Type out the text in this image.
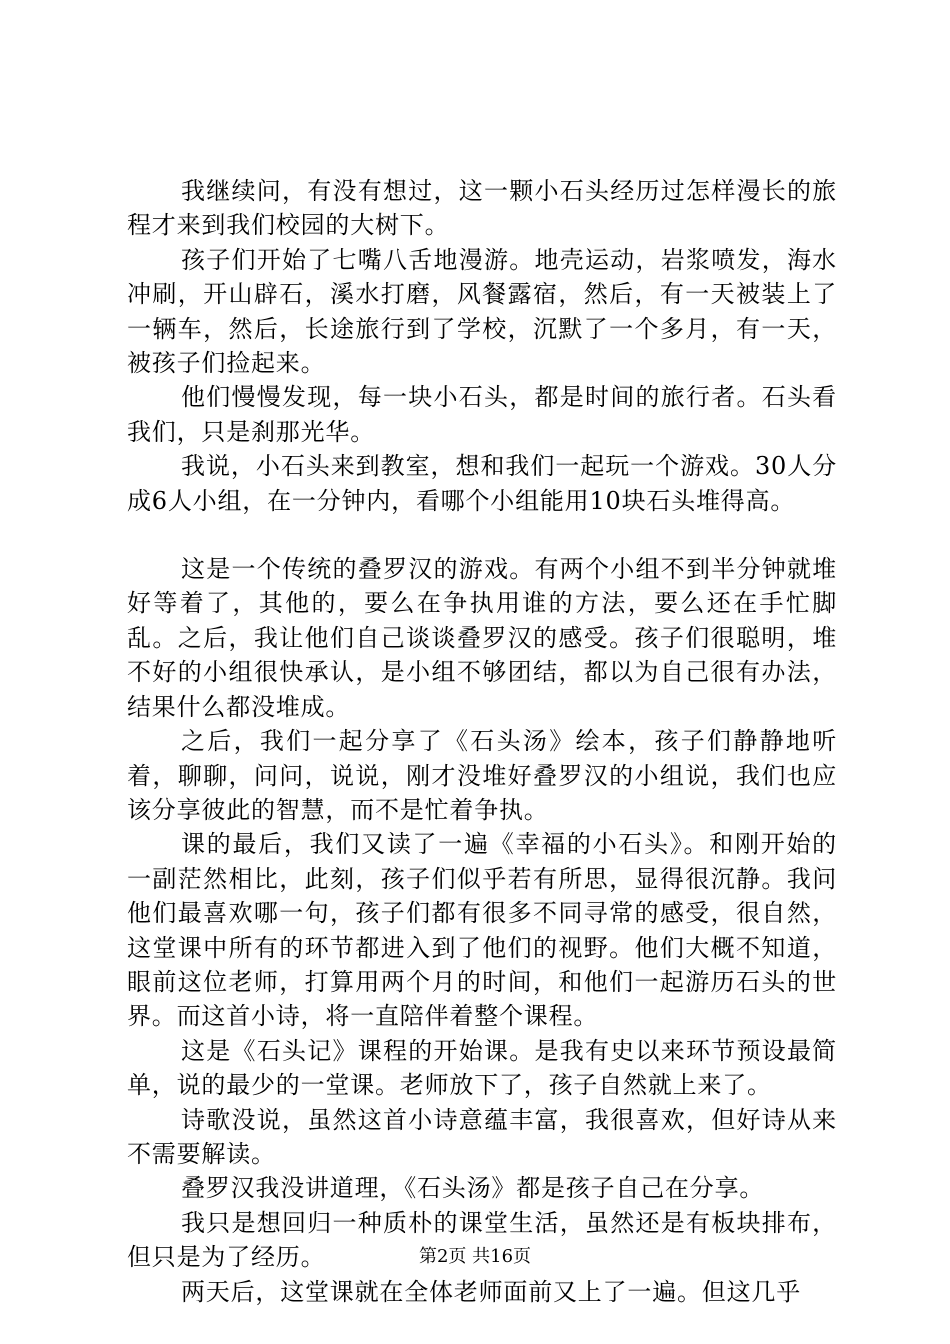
我继续问，有没有想过，这一颗小石头经历过怎样漫长的旅程才来到我们校园的大树下。

孩子们开始了七嘴八舌地漫游。地壳运动，岩浆喷发，海水冲刷，开山辟石，溪水打磨，风餐露宿，然后，有一天被装上了一辆车，然后，长途旅行到了学校，沉默了一个多月，有一天，被孩子们捡起来。

他们慢慢发现，每一块小石头，都是时间的旅行者。石头看我们，只是刹那光华。

我说，小石头来到教室，想和我们一起玩一个游戏。30人分成6人小组，在一分钟内，看哪个小组能用10块石头堆得高。

这是一个传统的叠罗汉的游戏。有两个小组不到半分钟就堆好等着了，其他的，要么在争执用谁的方法，要么还在手忙脚乱。之后，我让他们自己谈谈叠罗汉的感受。孩子们很聪明，堆不好的小组很快承认，是小组不够团结，都以为自己很有办法，结果什么都没堆成。

之后，我们一起分享了《石头汤》绘本，孩子们静静地听着，聊聊，问问，说说，刚才没堆好叠罗汉的小组说，我们也应该分享彼此的智慧，而不是忙着争执。

课的最后，我们又读了一遍《幸福的小石头》。和刚开始的一副茫然相比，此刻，孩子们似乎若有所思，显得很沉静。我问他们最喜欢哪一句，孩子们都有很多不同寻常的感受，很自然，这堂课中所有的环节都进入到了他们的视野。他们大概不知道，眼前这位老师，打算用两个月的时间，和他们一起游历石头的世界。而这首小诗，将一直陪伴着整个课程。

这是《石头记》课程的开始课。是我有史以来环节预设最简单，说的最少的一堂课。老师放下了，孩子自然就上来了。

诗歌没说，虽然这首小诗意蕴丰富，我很喜欢，但好诗从来不需要解读。

叠罗汉我没讲道理，《石头汤》都是孩子自己在分享。

我只是想回归一种质朴的课堂生活，虽然还是有板块排布，但只是为了经历。

两天后，这堂课就在全体老师面前又上了一遍。但这几乎

第2页 共16页
